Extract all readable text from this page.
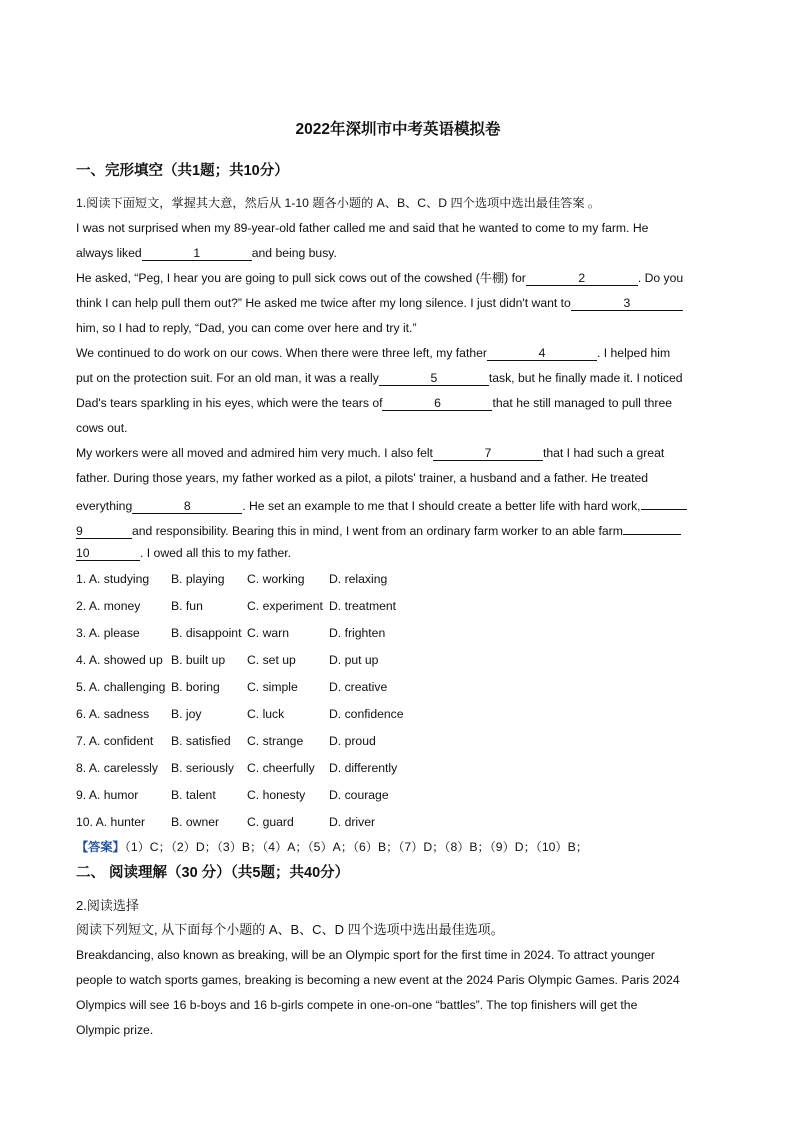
2022年深圳市中考英语模拟卷
一、完形填空（共1题；共10分）
1.阅读下面短文，掌握其大意，然后从 1-10 题各小题的 A、B、C、D 四个选项中选出最佳答案 。
I was not surprised when my 89-year-old father called me and said that he wanted to come to my farm. He
always liked	1	and being busy.
He asked, “Peg, I hear you are going to pull sick cows out of the cowshed (牛棚) for	2	. Do you
think I can help pull them out?” He asked me twice after my long silence. I just didn't want to	3
him, so I had to reply, “Dad, you can come over here and try it.”
We continued to do work on our cows. When there were three left, my father	4	. I helped him
put on the protection suit. For an old man, it was a really	5	task, but he finally made it. I noticed
Dad's tears sparkling in his eyes, which were the tears of	6	that he still managed to pull three
cows out.
My workers were all moved and admired him very much. I also felt	7	that I had such a great
father. During those years, my father worked as a pilot, a pilots' trainer, a husband and a father. He treated
everything	8	. He set an example to me that I should create a better life with hard work,
9	and responsibility. Bearing this in mind, I went from an ordinary farm worker to an able farm
10	. I owed all this to my father.
1. A. studying B. playing C. working D. relaxing
2. A. money	B. fun	C. experiment D. treatment
3. A. please	B. disappoint C. warn	D. frighten
4. A. showed up B. built up C. set up	D. put up
5. A. challenging B. boring C. simple	D. creative
6. A. sadness B. joy	C. luck	D. confidence
7. A. confident B. satisfied C. strange D. proud
8. A. carelessly B. seriously C. cheerfully D. differently
9. A. humor	B. talent	C. honesty D. courage
10. A. hunter B. owner C. guard	D. driver
【答案】（1）C；（2）D；（3）B；（4）A；（5）A；（6）B；（7）D；（8）B；（9）D；（10）B；
二、 阅读理解（30 分）（共5题；共40分）
2.阅读选择
阅读下列短文, 从下面每个小题的 A、B、C、D 四个选项中选出最佳选项。
Breakdancing, also known as breaking, will be an Olympic sport for the first time in 2024. To attract younger
people to watch sports games, breaking is becoming a new event at the 2024 Paris Olympic Games. Paris 2024
Olympics will see 16 b-boys and 16 b-girls compete in one-on-one “battles”. The top finishers will get the
Olympic prize.
